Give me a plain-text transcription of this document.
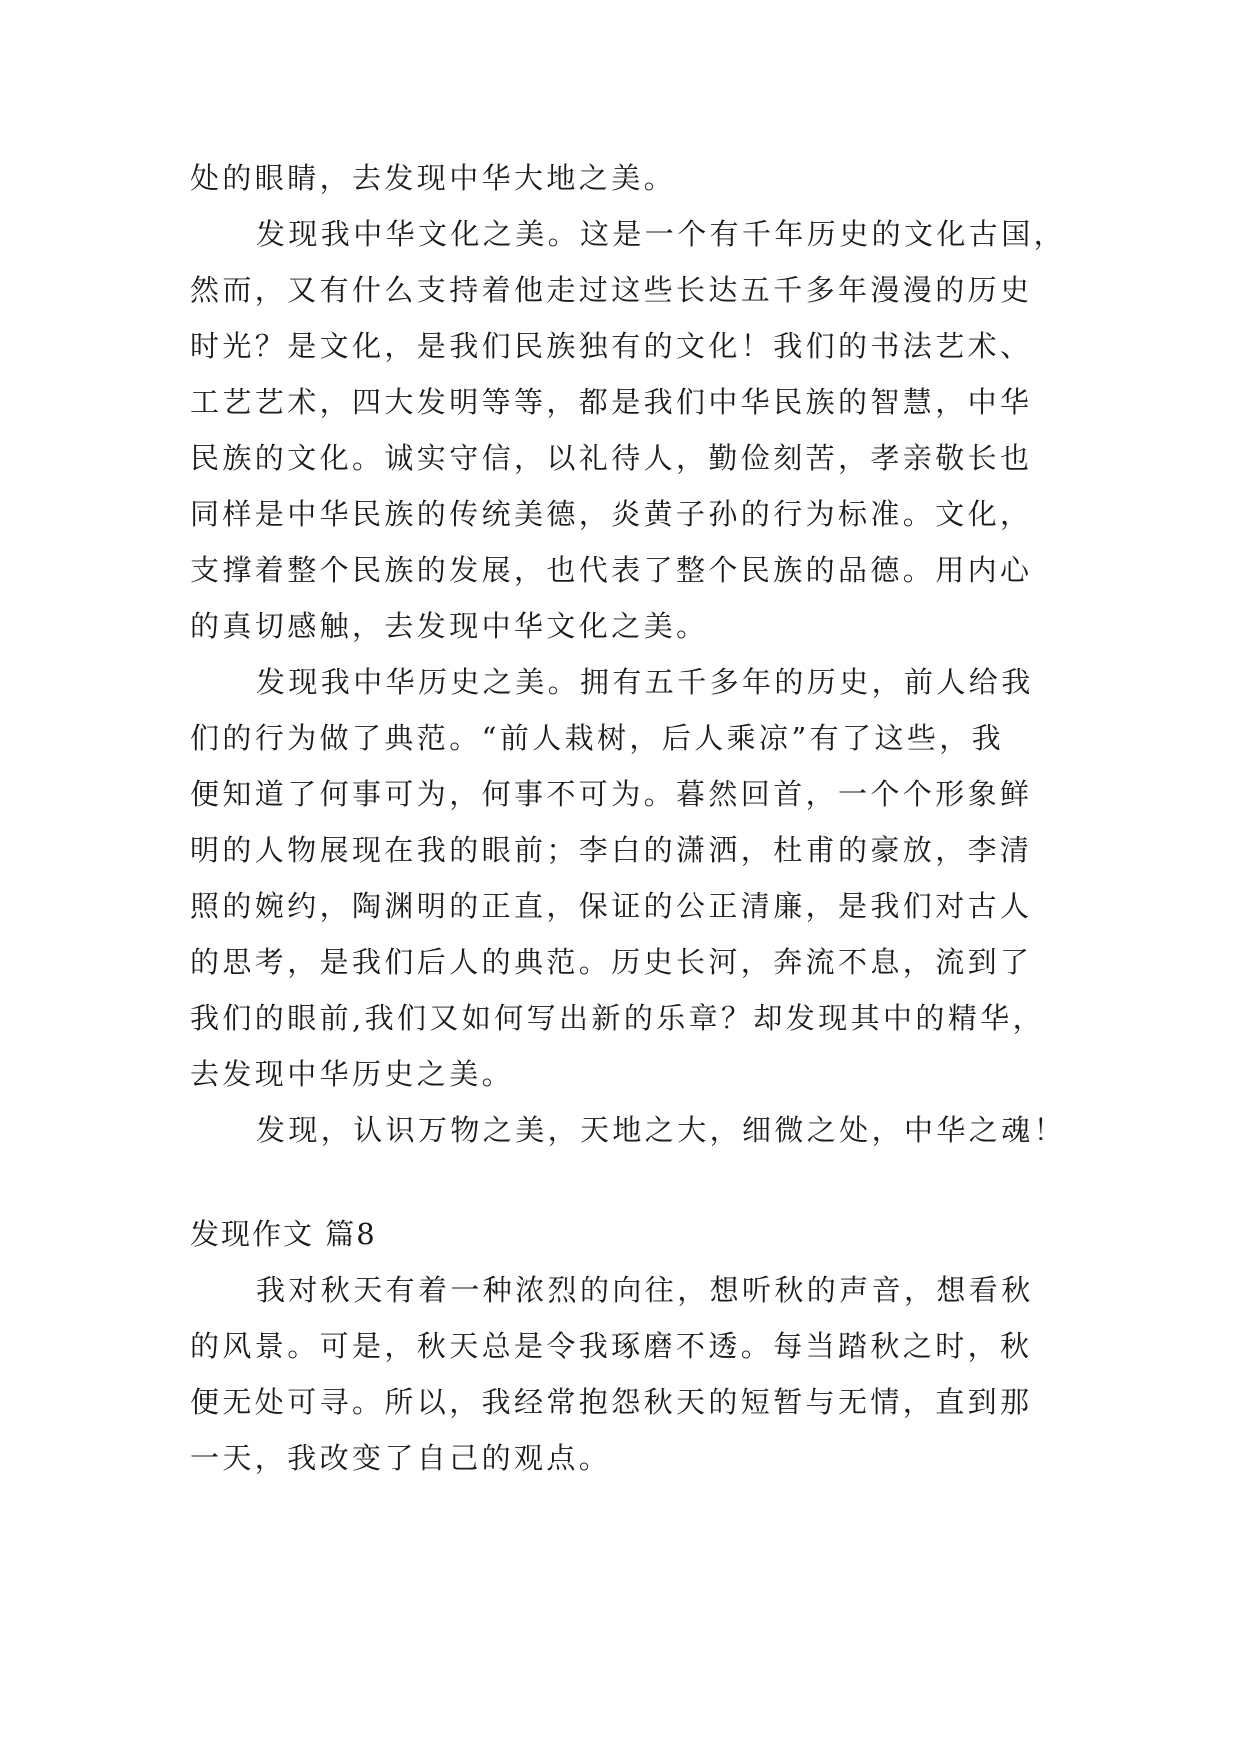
处的眼睛，去发现中华大地之美。
发现我中华文化之美。这是一个有千年历史的文化古国，
然而，又有什么支持着他走过这些长达五千多年漫漫的历史
时光？是文化，是我们民族独有的文化！我们的书法艺术、
工艺艺术，四大发明等等，都是我们中华民族的智慧，中华
民族的文化。诚实守信，以礼待人，勤俭刻苦，孝亲敬长也
同样是中华民族的传统美德，炎黄子孙的行为标准。文化，
支撑着整个民族的发展，也代表了整个民族的品德。用内心
的真切感触，去发现中华文化之美。
发现我中华历史之美。拥有五千多年的历史，前人给我
们的行为做了典范。“前人栽树，后人乘凉”有了这些，我
便知道了何事可为，何事不可为。暮然回首，一个个形象鲜
明的人物展现在我的眼前；李白的潇洒，杜甫的豪放，李清
照的婉约，陶渊明的正直，保证的公正清廉，是我们对古人
的思考，是我们后人的典范。历史长河，奔流不息，流到了
我们的眼前,我们又如何写出新的乐章？却发现其中的精华，
去发现中华历史之美。
发现，认识万物之美，天地之大，细微之处，中华之魂！
发现作文 篇8
我对秋天有着一种浓烈的向往，想听秋的声音，想看秋
的风景。可是，秋天总是令我琢磨不透。每当踏秋之时，秋
便无处可寻。所以，我经常抱怨秋天的短暂与无情，直到那
一天，我改变了自己的观点。
